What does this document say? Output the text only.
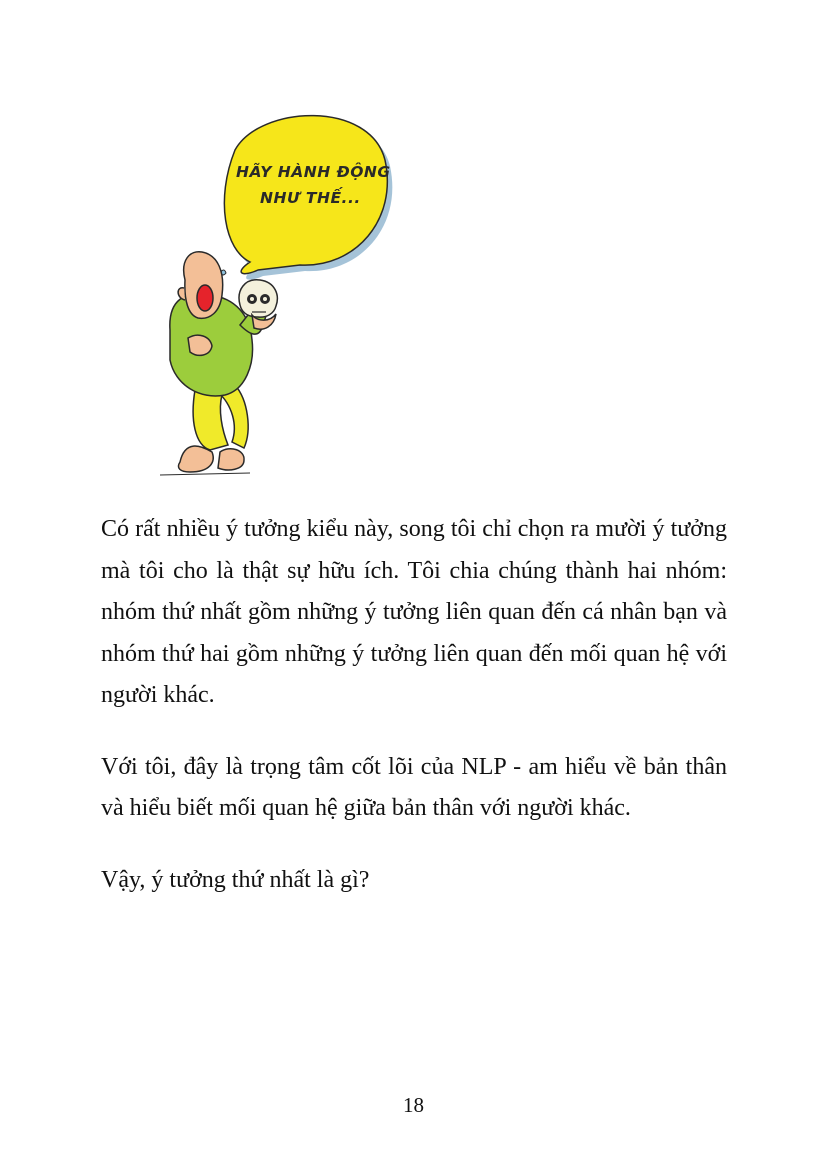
HÃY HÀNH ĐỘNG
NHƯ THẾ...

Có rất nhiều ý tưởng kiểu này, song tôi chỉ chọn ra mười ý tưởng mà tôi cho là thật sự hữu ích. Tôi chia chúng thành hai nhóm: nhóm thứ nhất gồm những ý tưởng liên quan đến cá nhân bạn và nhóm thứ hai gồm những ý tưởng liên quan đến mối quan hệ với người khác.

Với tôi, đây là trọng tâm cốt lõi của NLP - am hiểu về bản thân và hiểu biết mối quan hệ giữa bản thân với người khác.

Vậy, ý tưởng thứ nhất là gì?

18
